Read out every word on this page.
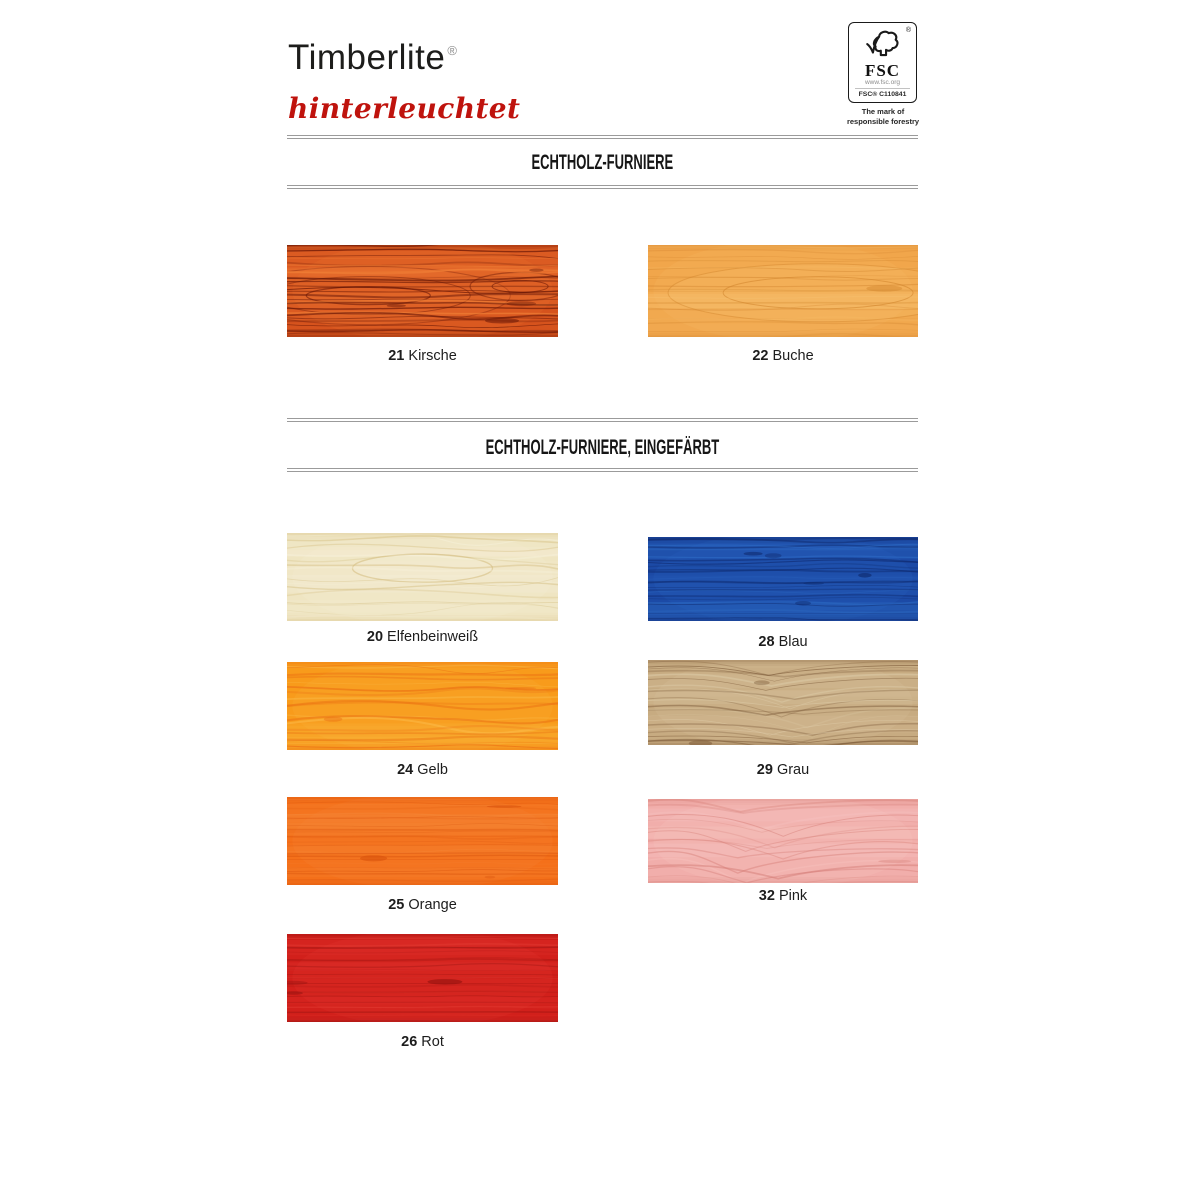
Timberlite ®
hinterleuchtet
®
FSC
www.fsc.org
FSC® C110841
The mark of
responsible forestry
ECHTHOLZ-FURNIERE
ECHTHOLZ-FURNIERE, EINGEFÄRBT
21 Kirsche	22 Buche
20 Elfenbeinweiß	28 Blau
24 Gelb	29 Grau
25 Orange
32 Pink
26 Rot
